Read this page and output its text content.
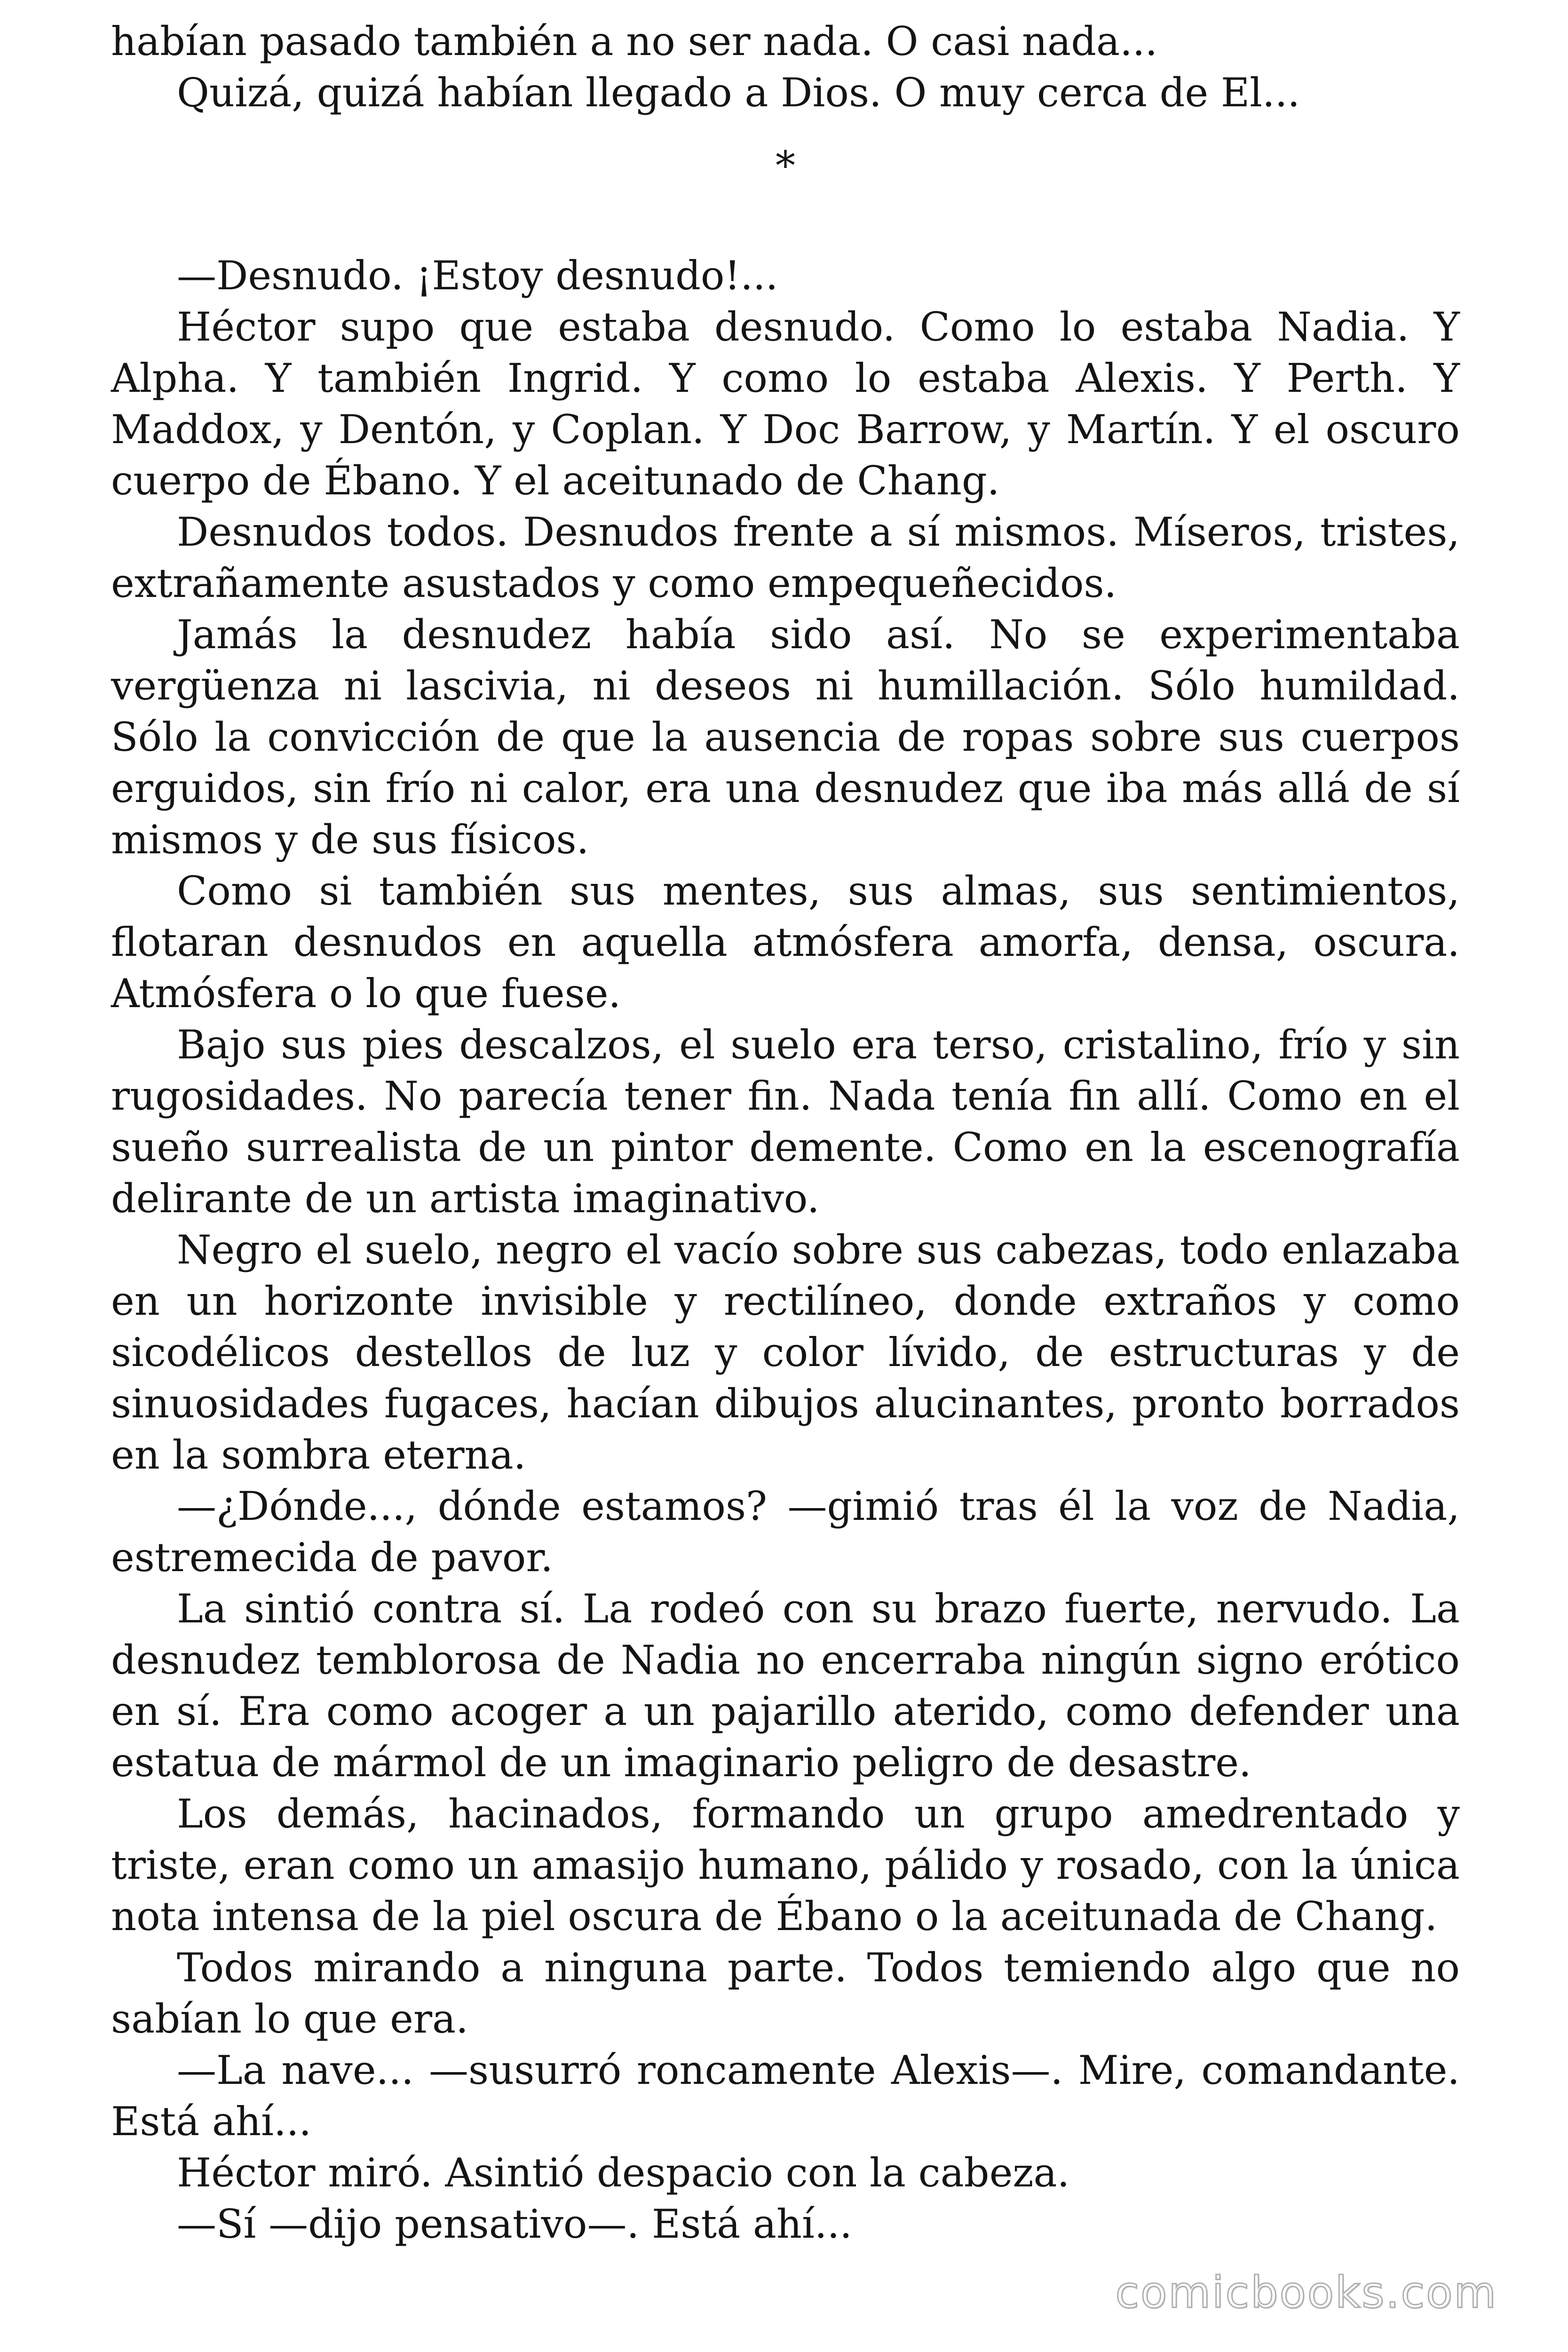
habían pasado también a no ser nada. O casi nada...

Quizá, quizá habían llegado a Dios. O muy cerca de El...

*

—Desnudo. ¡Estoy desnudo!...

Héctor supo que estaba desnudo. Como lo estaba Nadia. Y Alpha. Y también Ingrid. Y como lo estaba Alexis. Y Perth. Y Maddox, y Dentón, y Coplan. Y Doc Barrow, y Martín. Y el oscuro cuerpo de Ébano. Y el aceitunado de Chang.

Desnudos todos. Desnudos frente a sí mismos. Míseros, tristes, extrañamente asustados y como empequeñecidos.

Jamás la desnudez había sido así. No se experimentaba vergüenza ni lascivia, ni deseos ni humillación. Sólo humildad. Sólo la convicción de que la ausencia de ropas sobre sus cuerpos erguidos, sin frío ni calor, era una desnudez que iba más allá de sí mismos y de sus físicos.

Como si también sus mentes, sus almas, sus sentimientos, flotaran desnudos en aquella atmósfera amorfa, densa, oscura. Atmósfera o lo que fuese.

Bajo sus pies descalzos, el suelo era terso, cristalino, frío y sin rugosidades. No parecía tener fin. Nada tenía fin allí. Como en el sueño surrealista de un pintor demente. Como en la escenografía delirante de un artista imaginativo.

Negro el suelo, negro el vacío sobre sus cabezas, todo enlazaba en un horizonte invisible y rectilíneo, donde extraños y como sicodélicos destellos de luz y color lívido, de estructuras y de sinuosidades fugaces, hacían dibujos alucinantes, pronto borrados en la sombra eterna.

—¿Dónde..., dónde estamos? —gimió tras él la voz de Nadia, estremecida de pavor.

La sintió contra sí. La rodeó con su brazo fuerte, nervudo. La desnudez temblorosa de Nadia no encerraba ningún signo erótico en sí. Era como acoger a un pajarillo aterido, como defender una estatua de mármol de un imaginario peligro de desastre.

Los demás, hacinados, formando un grupo amedrentado y triste, eran como un amasijo humano, pálido y rosado, con la única nota intensa de la piel oscura de Ébano o la aceitunada de Chang.

Todos mirando a ninguna parte. Todos temiendo algo que no sabían lo que era.

—La nave... —susurró roncamente Alexis—. Mire, comandante. Está ahí...

Héctor miró. Asintió despacio con la cabeza.

—Sí —dijo pensativo—. Está ahí...

comicbooks.com
